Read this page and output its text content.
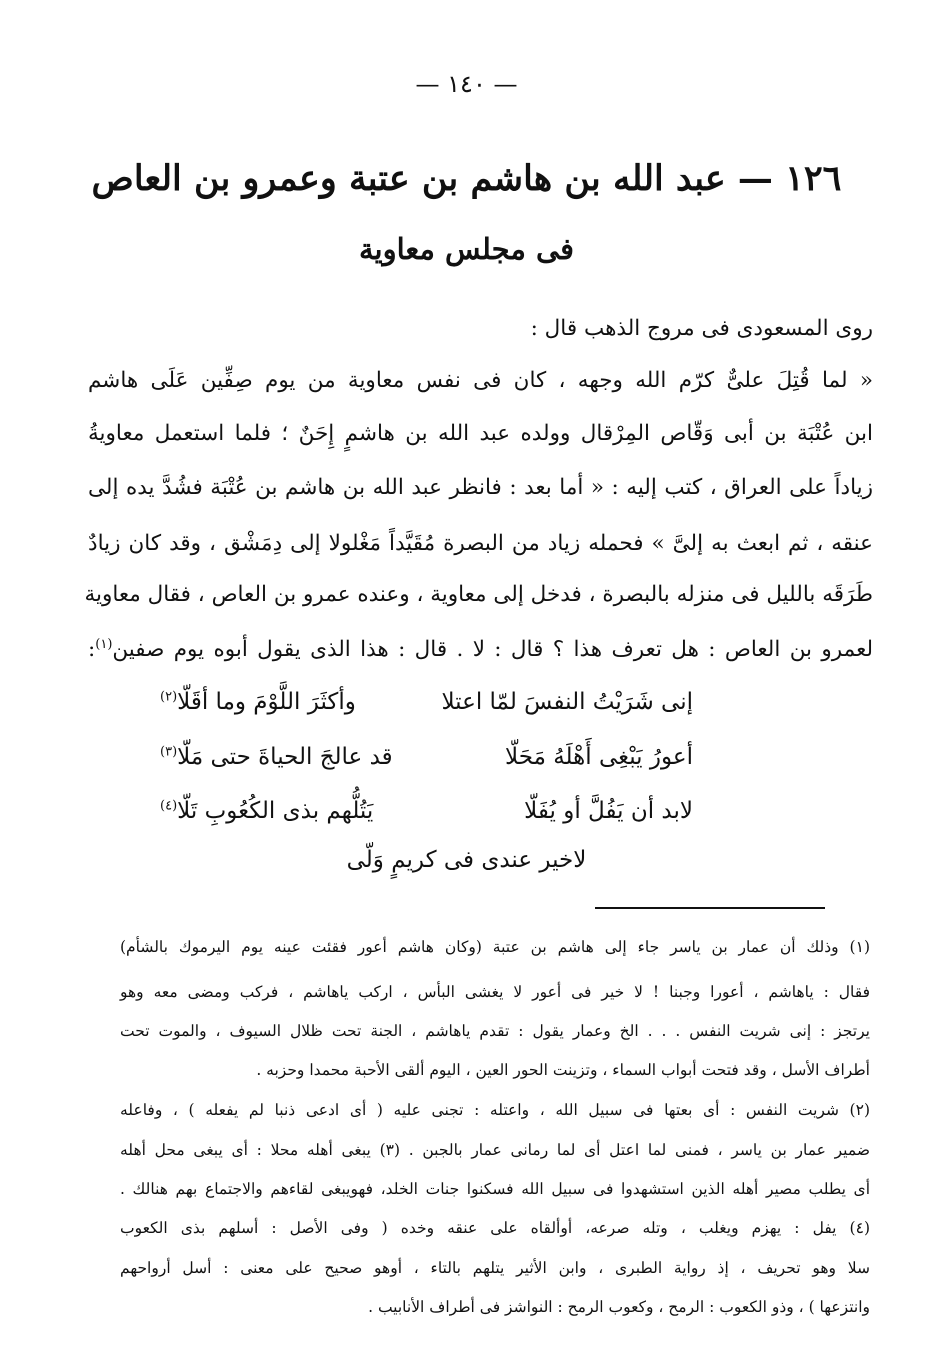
— ١٤٠ —
١٢٦ — عبد الله بن هاشم بن عتبة وعمرو بن العاص
فى مجلس معاوية
روى المسعودى فى مروج الذهب قال :
« لما قُتِلَ علىٌّ كرّم الله وجهه ، كان فى نفس معاوية من يوم صِفِّين عَلَى هاشم
ابن عُتْبَة بن أبى وَقّاص المِرْقال وولده عبد الله بن هاشمٍ إِحَنٌ ؛ فلما استعمل معاويةُ
زياداً على العراق ، كتب إليه : « أما بعد : فانظر عبد الله بن هاشم بن عُتْبَة فشُدَّ يده إلى
عنقه ، ثم ابعث به إلىَّ » فحمله زياد من البصرة مُقَيَّداً مَغْلولا إلى دِمَشْق ، وقد كان زيادٌ
طَرَقَه بالليل فى منزله بالبصرة ، فدخل إلى معاوية ، وعنده عمرو بن العاص ، فقال معاوية
لعمرو بن العاص : هل تعرف هذا ؟ قال : لا . قال : هذا الذى يقول أبوه يوم صفين$^{(١)}$:
إنى شَرَيْتُ النفسَ لمّا اعتلا
وأكثَرَ اللَّوْمَ وما أقَلّا$^{(٢)}$
أعورُ يَبْغِى أَهْلَهُ مَحَلّا
قد عالجَ الحياةَ حتى مَلّا$^{(٣)}$
لابد أن يَفُلَّ أو يُفَلّا
يَتُلُّهم بذى الكُعُوبِ تَلّا$^{(٤)}$
لاخير عندى فى كريمٍ وَلّى
(١) وذلك أن عمار بن ياسر جاء إلى هاشم بن عتبة (وكان هاشم أعور فقئت عينه يوم اليرموك بالشأم)
فقال : ياهاشم ، أعورا وجبنا ! لا خير فى أعور لا يغشى البأس ، اركب ياهاشم ، فركب ومضى معه وهو
يرتجز : إنى شريت النفس . . . الخ وعمار يقول : تقدم ياهاشم ، الجنة تحت ظلال السيوف ، والموت تحت
أطراف الأسل ، وقد فتحت أبواب السماء ، وتزينت الحور العين ، اليوم ألقى الأحبة محمدا وحزبه .
(٢) شريت النفس : أى بعتها فى سبيل الله ، واعتله : تجنى عليه ( أى ادعى ذنبا لم يفعله ) ، وفاعله
ضمير عمار بن ياسر ، فمنى لما اعتل أى لما رمانى عمار بالجبن . (٣) يبغى أهله محلا : أى يبغى محل أهله
أى يطلب مصير أهله الذين استشهدوا فى سبيل الله فسكنوا جنات الخلد، فهويبغى لقاءهم والاجتماع بهم هنالك .
(٤) يفل : يهزم ويغلب ، وتله صرعه، أوألقاه على عنقه وخده ( وفى الأصل : أسلهم بذى الكعوب
سلا وهو تحريف ، إذ رواية الطبرى ، وابن الأثير يتلهم بالتاء ، أوهو صحيح على معنى : أسل أرواحهم
وانتزعها ) ، وذو الكعوب : الرمح ، وكعوب الرمح : النواشز فى أطراف الأنابيب .
